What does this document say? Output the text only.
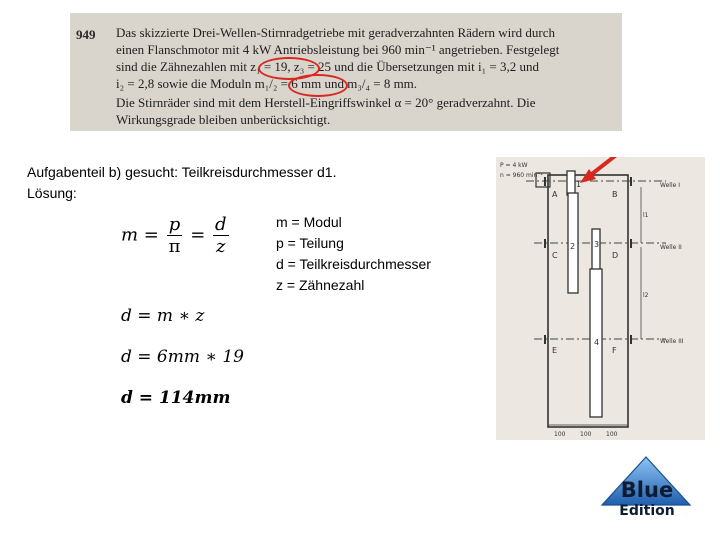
949 Das skizzierte Drei-Wellen-Stirnradgetriebe mit geradverzahnten Rädern wird durch
einen Flanschmotor mit 4 kW Antriebsleistung bei 960 min⁻¹ angetrieben. Festgelegt
sind die Zähnezahlen mit z₁ = 19, z₃ = 25 und die Übersetzungen mit i₁ = 3,2 und
i₂ = 2,8 sowie die Moduln m₁/₂ = 6 mm und m₃/₄ = 8 mm.
Die Stirnräder sind mit dem Herstell-Eingriffswinkel α = 20° geradverzahnt. Die
Wirkungsgrade bleiben unberücksichtigt.
Aufgabenteil b) gesucht: Teilkreisdurchmesser d1.
Lösung:
$m = \frac{p}{\pi} = \frac{d}{z}$	m = Modul
p = Teilung
d = Teilkreisdurchmesser
z = Zähnezahl
d = m ∗ z
d = 6mm ∗ 19
d = 114mm
P = 4 kW
n = 960 min⁻¹
Welle I
Welle II
Welle III
l1
l2
A	B
C	D
E	F
1
2 3
4
100 100 100
Blue
Edition
